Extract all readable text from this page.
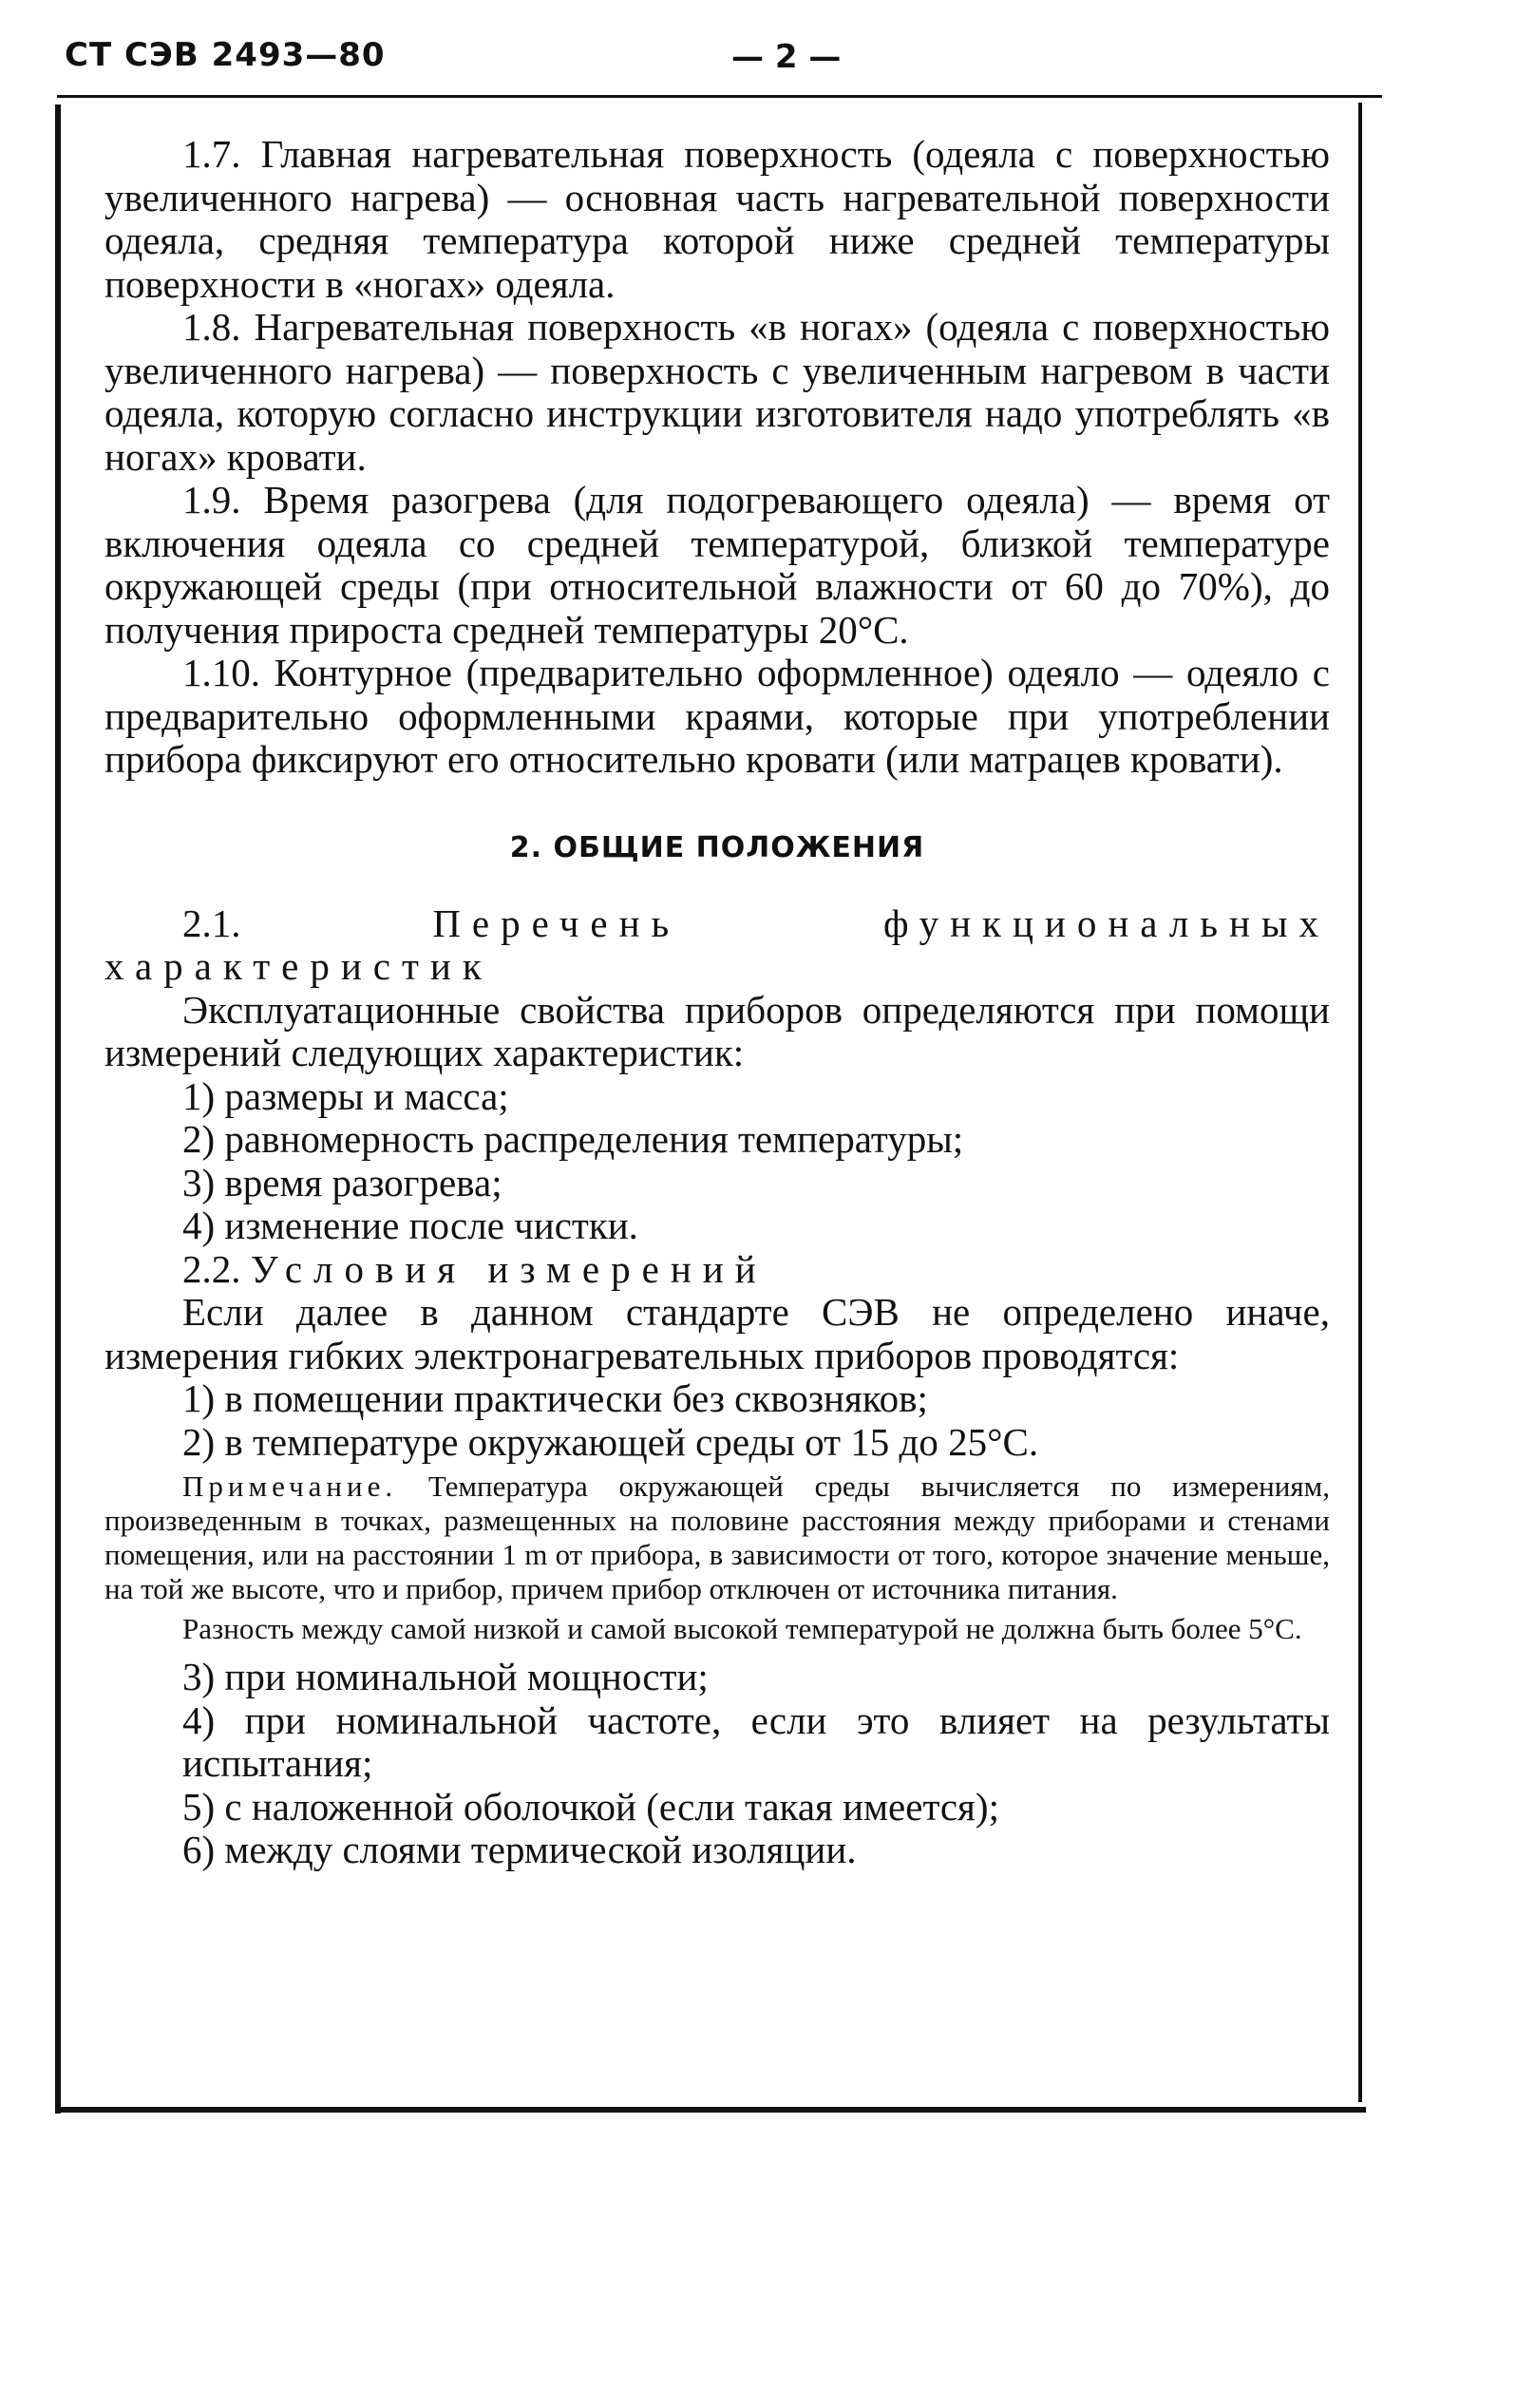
СТ СЭВ 2493—80	— 2 —

1.7. Главная нагревательная поверхность (одеяла с поверхностью увеличенного нагрева) — основная часть нагревательной поверхности одеяла, средняя температура которой ниже средней температуры поверхности в «ногах» одеяла.

1.8. Нагревательная поверхность «в ногах» (одеяла с поверхностью увеличенного нагрева) — поверхность с увеличенным нагревом в части одеяла, которую согласно инструкции изготовителя надо употреблять «в ногах» кровати.

1.9. Время разогрева (для подогревающего одеяла) — время от включения одеяла со средней температурой, близкой температуре окружающей среды (при относительной влажности от 60 до 70%), до получения прироста средней температуры 20°С.

1.10. Контурное (предварительно оформленное) одеяло — одеяло с предварительно оформленными краями, которые при употреблении прибора фиксируют его относительно кровати (или матрацев кровати).

2. ОБЩИЕ ПОЛОЖЕНИЯ

2.1.	Перечень функциональных характеристик

Эксплуатационные свойства приборов определяются при помощи измерений следующих характеристик:

1) размеры и масса;

2) равномерность распределения температуры;

3) время разогрева;

4) изменение после чистки.

2.2. Условия измерений

Если далее в данном стандарте СЭВ не определено иначе, измерения гибких электронагревательных приборов проводятся:

1) в помещении практически без сквозняков;

2) в температуре окружающей среды от 15 до 25°С.

Примечание. Температура окружающей среды вычисляется по измерениям, произведенным в точках, размещенных на половине расстояния между приборами и стенами помещения, или на расстоянии 1 m от прибора, в зависимости от того, которое значение меньше, на той же высоте, что и прибор, причем прибор отключен от источника питания.

Разность между самой низкой и самой высокой температурой не должна быть более 5°С.

3) при номинальной мощности;

4) при номинальной частоте, если это влияет на результаты испытания;

5) с наложенной оболочкой (если такая имеется);

6) между слоями термической изоляции.
